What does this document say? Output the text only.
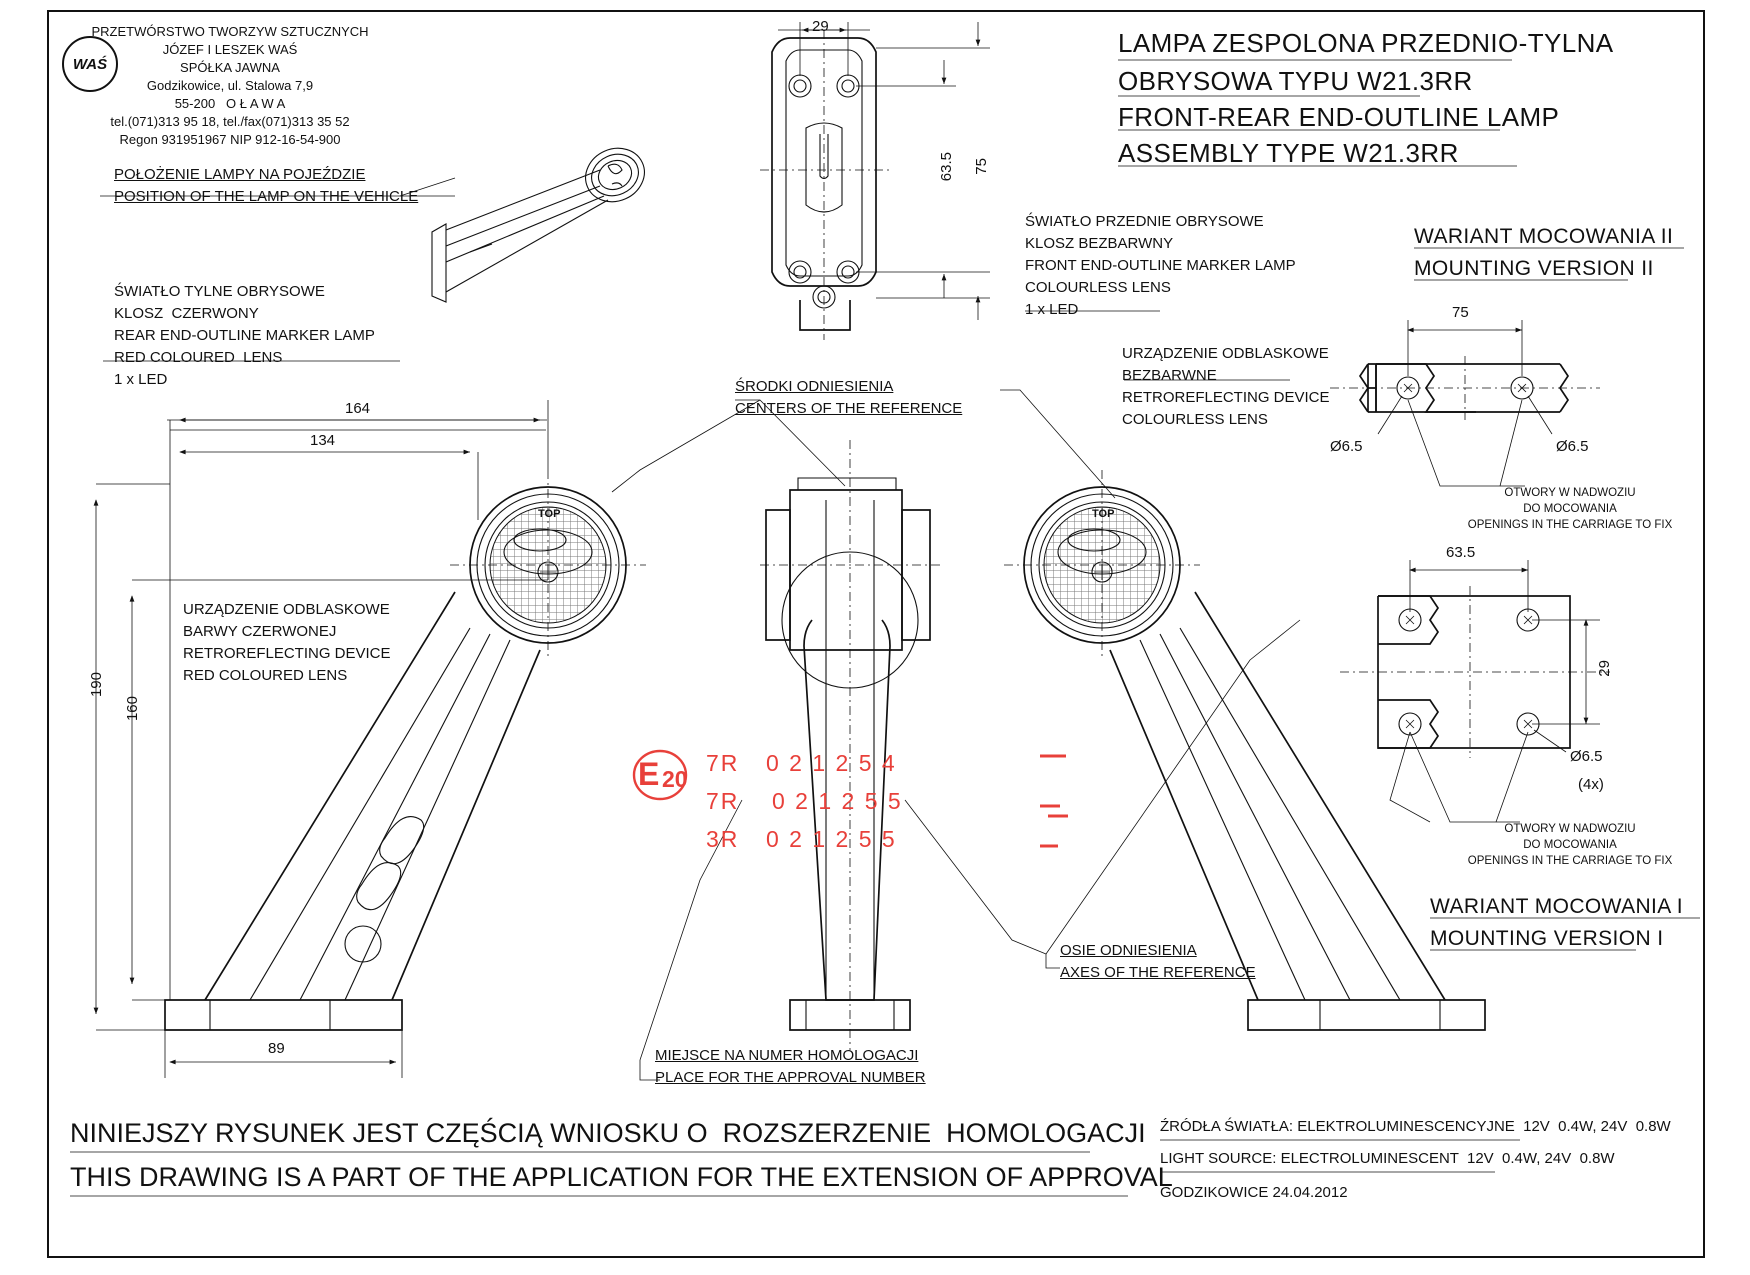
WAŚ
PRZETWÓRSTWO TWORZYW SZTUCZNYCH
JÓZEF I LESZEK WAŚ
SPÓŁKA JAWNA
Godzikowice, ul. Stalowa 7,9
55-200   O Ł A W A
tel.(071)313 95 18, tel./fax(071)313 35 52
Regon 931951967 NIP 912-16-54-900
LAMPA ZESPOLONA PRZEDNIO-TYLNA
OBRYSOWA TYPU W21.3RR
FRONT-REAR END-OUTLINE LAMP
ASSEMBLY TYPE W21.3RR
POŁOŻENIE LAMPY NA POJEŹDZIE
POSITION OF THE LAMP ON THE VEHICLE
ŚWIATŁO TYLNE OBRYSOWE
KLOSZ  CZERWONY
REAR END-OUTLINE MARKER LAMP
RED COLOURED  LENS
1 x LED
ŚWIATŁO PRZEDNIE OBRYSOWE
KLOSZ BEZBARWNY
FRONT END-OUTLINE MARKER LAMP
COLOURLESS LENS
1 x LED
URZĄDZENIE ODBLASKOWE
BEZBARWNE
RETROREFLECTING DEVICE
COLOURLESS LENS
URZĄDZENIE ODBLASKOWE
BARWY CZERWONEJ
RETROREFLECTING DEVICE
RED COLOURED LENS
ŚRODKI ODNIESIENIA
CENTERS OF THE REFERENCE
OSIE ODNIESIENIA
AXES OF THE REFERENCE
MIEJSCE NA NUMER HOMOLOGACJI
PLACE FOR THE APPROVAL NUMBER
WARIANT MOCOWANIA II
MOUNTING VERSION II
WARIANT MOCOWANIA I
MOUNTING VERSION I
OTWORY W NADWOZIU
DO MOCOWANIA
OPENINGS IN THE CARRIAGE TO FIX
OTWORY W NADWOZIU
DO MOCOWANIA
OPENINGS IN THE CARRIAGE TO FIX
29
63.5 75
164
134
190
160
89
75
63.5
29
Ø6.5	Ø6.5
Ø6.5
(4x)
TOP	TOP
E 20
7R 0 2 1 2 5 4
7R 0 2 1 2 5 5
3R 0 2 1 2 5 5
NINIEJSZY RYSUNEK JEST CZĘŚCIĄ WNIOSKU O  ROZSZERZENIE  HOMOLOGACJI
THIS DRAWING IS A PART OF THE APPLICATION FOR THE EXTENSION OF APPROVAL
ŹRÓDŁA ŚWIATŁA: ELEKTROLUMINESCENCYJNE  12V  0.4W, 24V  0.8W
LIGHT SOURCE: ELECTROLUMINESCENT  12V  0.4W, 24V  0.8W
GODZIKOWICE 24.04.2012
